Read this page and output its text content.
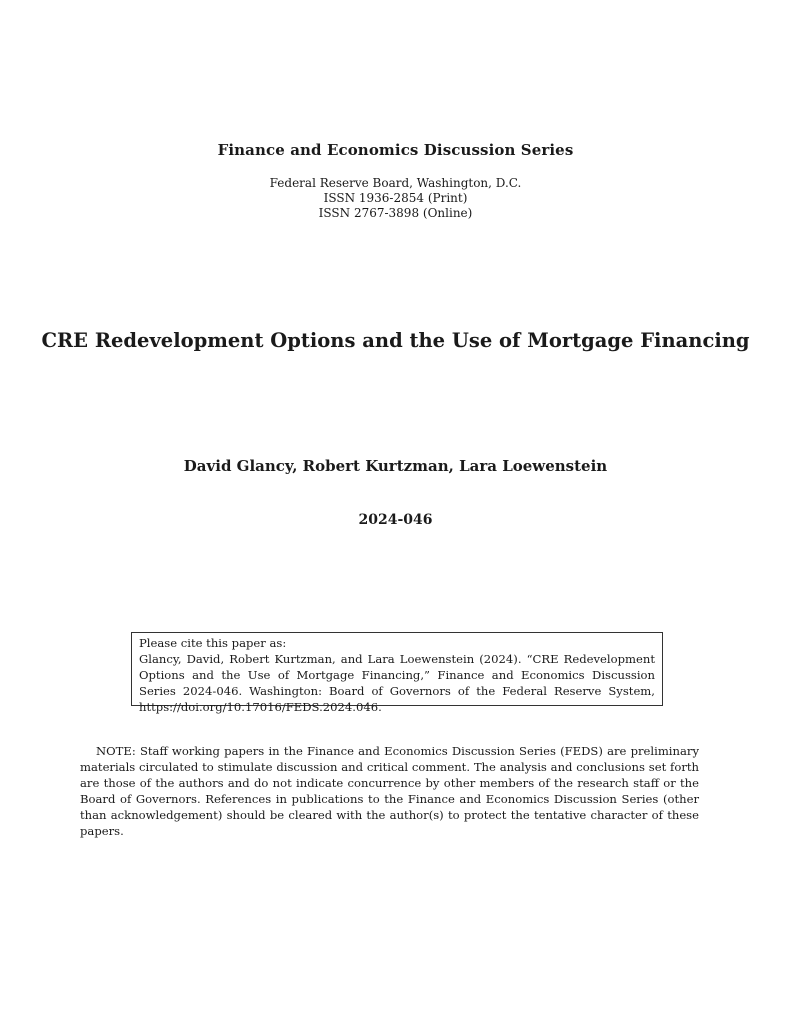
Finance and Economics Discussion Series
Federal Reserve Board, Washington, D.C.
ISSN 1936-2854 (Print)
ISSN 2767-3898 (Online)
CRE Redevelopment Options and the Use of Mortgage Financing
David Glancy, Robert Kurtzman, Lara Loewenstein
2024-046
Please cite this paper as:
Glancy, David, Robert Kurtzman, and Lara Loewenstein (2024). “CRE Redevelopment Options and the Use of Mortgage Financing,” Finance and Economics Discussion Series 2024-046. Washington: Board of Governors of the Federal Reserve System, https://doi.org/10.17016/FEDS.2024.046.
NOTE: Staff working papers in the Finance and Economics Discussion Series (FEDS) are preliminary materials circulated to stimulate discussion and critical comment. The analysis and conclusions set forth are those of the authors and do not indicate concurrence by other members of the research staff or the Board of Governors. References in publications to the Finance and Economics Discussion Series (other than acknowledgement) should be cleared with the author(s) to protect the tentative character of these papers.
